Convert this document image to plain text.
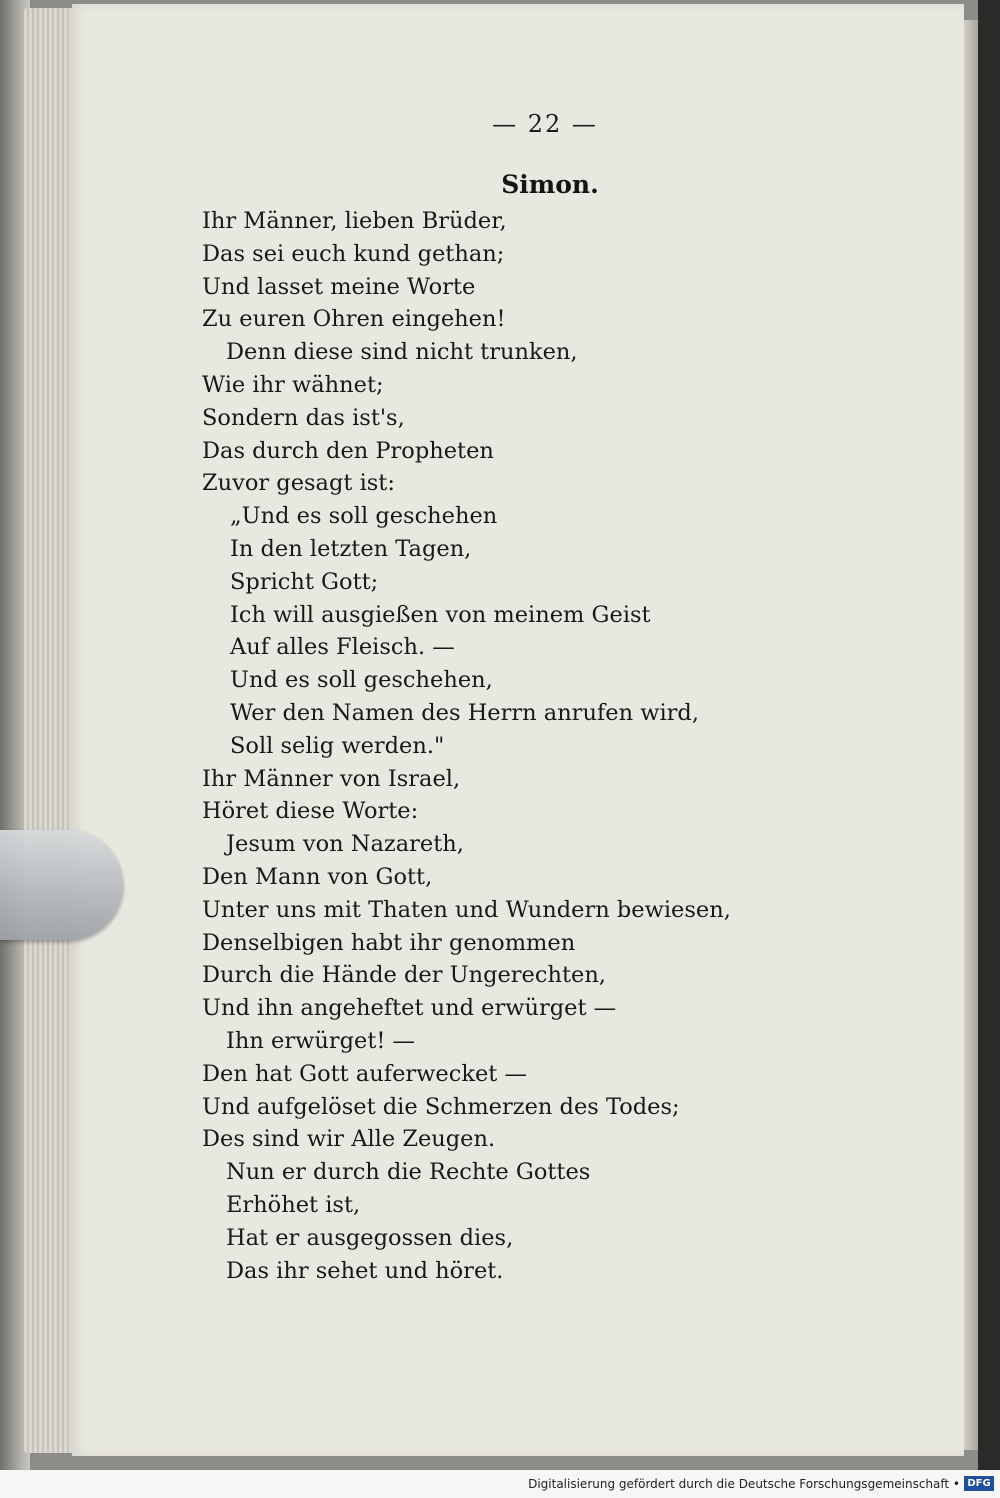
— 22 —
Simon.
Ihr Männer, lieben Brüder,
Das sei euch kund gethan;
Und lasset meine Worte
Zu euren Ohren eingehen!
Denn diese sind nicht trunken,
Wie ihr wähnet;
Sondern das ist's,
Das durch den Propheten
Zuvor gesagt ist:
„Und es soll geschehen
In den letzten Tagen,
Spricht Gott;
Ich will ausgießen von meinem Geist
Auf alles Fleisch. —
Und es soll geschehen,
Wer den Namen des Herrn anrufen wird,
Soll selig werden."
Ihr Männer von Israel,
Höret diese Worte:
Jesum von Nazareth,
Den Mann von Gott,
Unter uns mit Thaten und Wundern bewiesen,
Denselbigen habt ihr genommen
Durch die Hände der Ungerechten,
Und ihn angeheftet und erwürget —
Ihn erwürget! —
Den hat Gott auferwecket —
Und aufgelöset die Schmerzen des Todes;
Des sind wir Alle Zeugen.
Nun er durch die Rechte Gottes
Erhöhet ist,
Hat er ausgegossen dies,
Das ihr sehet und höret.
Digitalisierung gefördert durch die Deutsche Forschungsgemeinschaft • DFG
